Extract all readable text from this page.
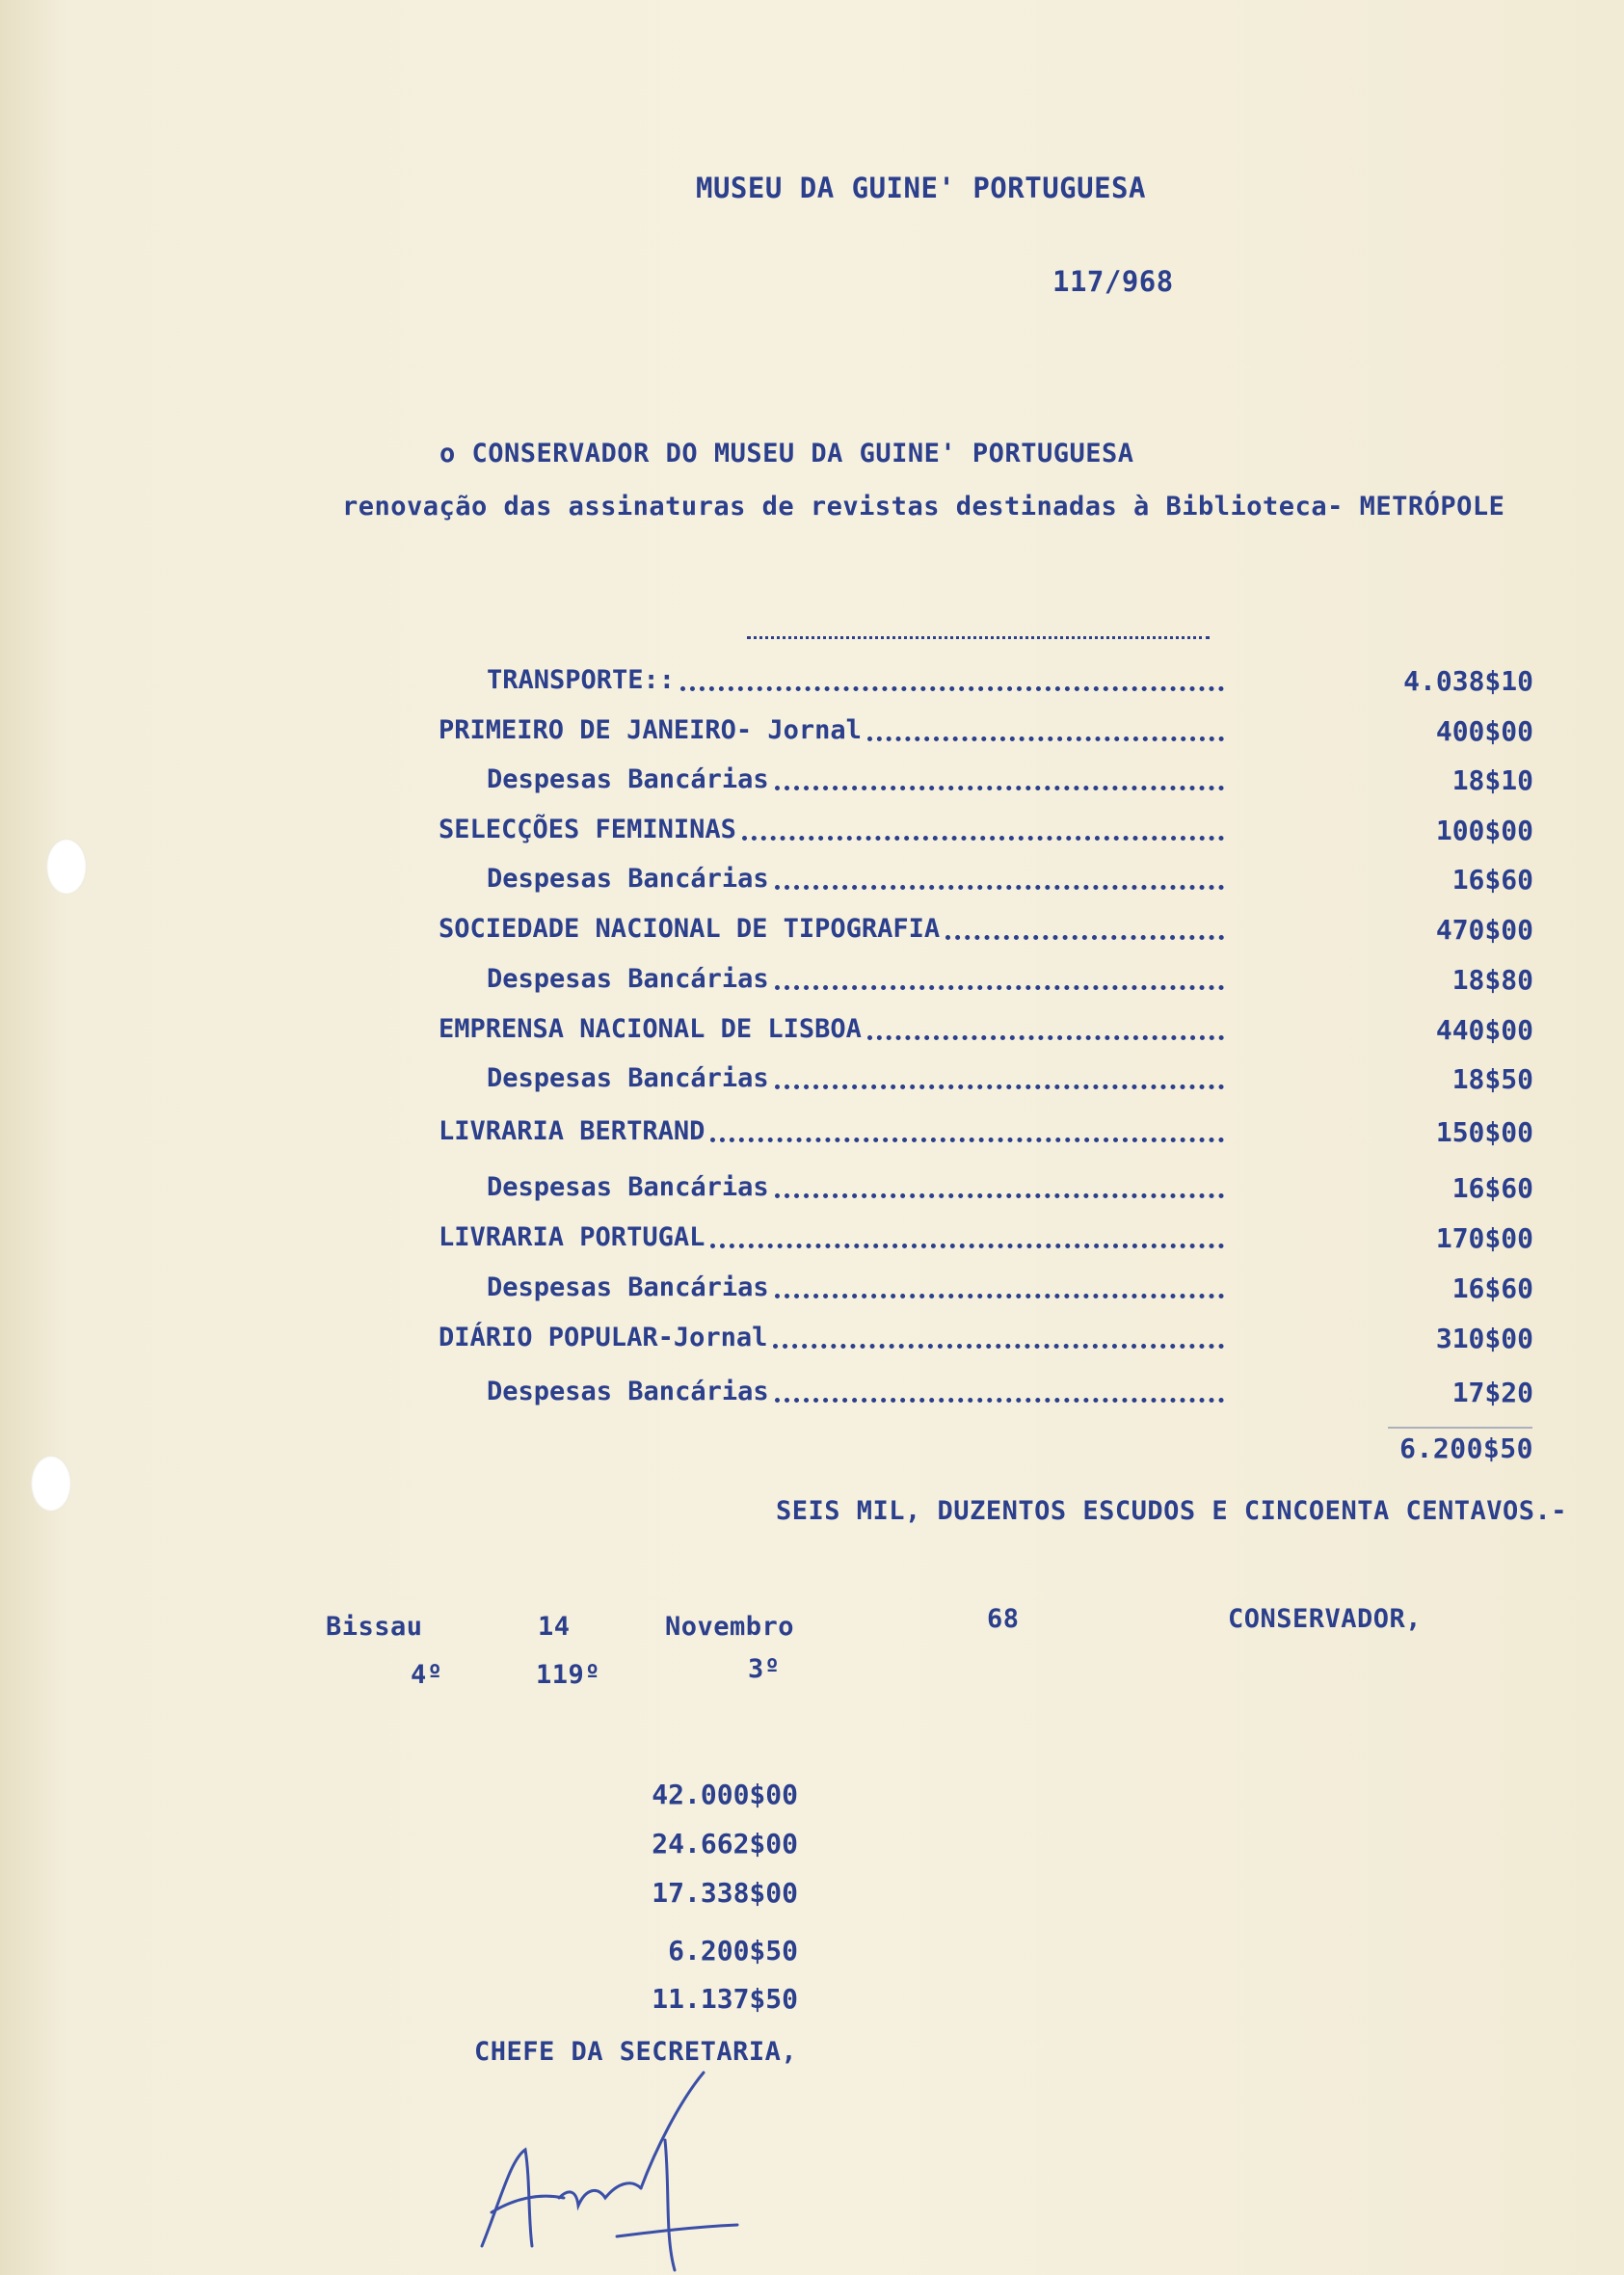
MUSEU DA GUINE' PORTUGUESA
117/968
o CONSERVADOR DO MUSEU DA GUINE' PORTUGUESA
renovação das assinaturas de revistas destinadas à Biblioteca- METRÓPOLE
TRANSPORTE::	4.038$10
PRIMEIRO DE JANEIRO- Jornal	400$00
Despesas Bancárias	18$10
SELECÇÕES FEMININAS	100$00
Despesas Bancárias	16$60
SOCIEDADE NACIONAL DE TIPOGRAFIA	470$00
Despesas Bancárias	18$80
EMPRENSA NACIONAL DE LISBOA	440$00
Despesas Bancárias	18$50
LIVRARIA BERTRAND	150$00
Despesas Bancárias	16$60
LIVRARIA PORTUGAL	170$00
Despesas Bancárias	16$60
DIÁRIO POPULAR-Jornal	310$00
Despesas Bancárias	17$20
6.200$50
SEIS MIL, DUZENTOS ESCUDOS E CINCOENTA CENTAVOS.-
Bissau	14	Novembro	68	CONSERVADOR,
4º	119º	3º
42.000$00
24.662$00
17.338$00
6.200$50
11.137$50
CHEFE DA SECRETARIA,
